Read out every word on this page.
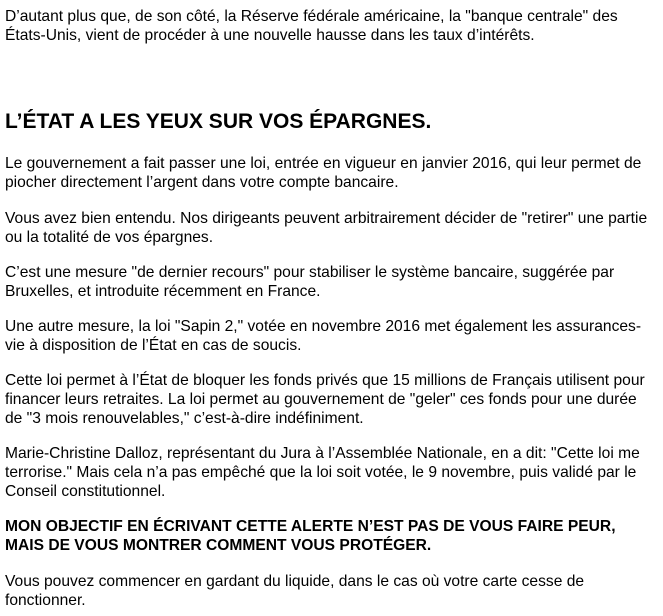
D’autant plus que, de son côté, la Réserve fédérale américaine, la "banque centrale" des États-Unis, vient de procéder à une nouvelle hausse dans les taux d’intérêts.

L’ÉTAT A LES YEUX SUR VOS ÉPARGNES.

Le gouvernement a fait passer une loi, entrée en vigueur en janvier 2016, qui leur permet de piocher directement l’argent dans votre compte bancaire.

Vous avez bien entendu. Nos dirigeants peuvent arbitrairement décider de "retirer" une partie ou la totalité de vos épargnes.

C’est une mesure "de dernier recours" pour stabiliser le système bancaire, suggérée par Bruxelles, et introduite récemment en France.

Une autre mesure, la loi "Sapin 2," votée en novembre 2016 met également les assurances-vie à disposition de l’État en cas de soucis.

Cette loi permet à l’État de bloquer les fonds privés que 15 millions de Français utilisent pour financer leurs retraites. La loi permet au gouvernement de "geler" ces fonds pour une durée de "3 mois renouvelables," c’est-à-dire indéfiniment.

Marie-Christine Dalloz, représentant du Jura à l’Assemblée Nationale, en a dit: "Cette loi me terrorise." Mais cela n’a pas empêché que la loi soit votée, le 9 novembre, puis validé par le Conseil constitutionnel.

MON OBJECTIF EN ÉCRIVANT CETTE ALERTE N’EST PAS DE VOUS FAIRE PEUR, MAIS DE VOUS MONTRER COMMENT VOUS PROTÉGER.

Vous pouvez commencer en gardant du liquide, dans le cas où votre carte cesse de fonctionner.
